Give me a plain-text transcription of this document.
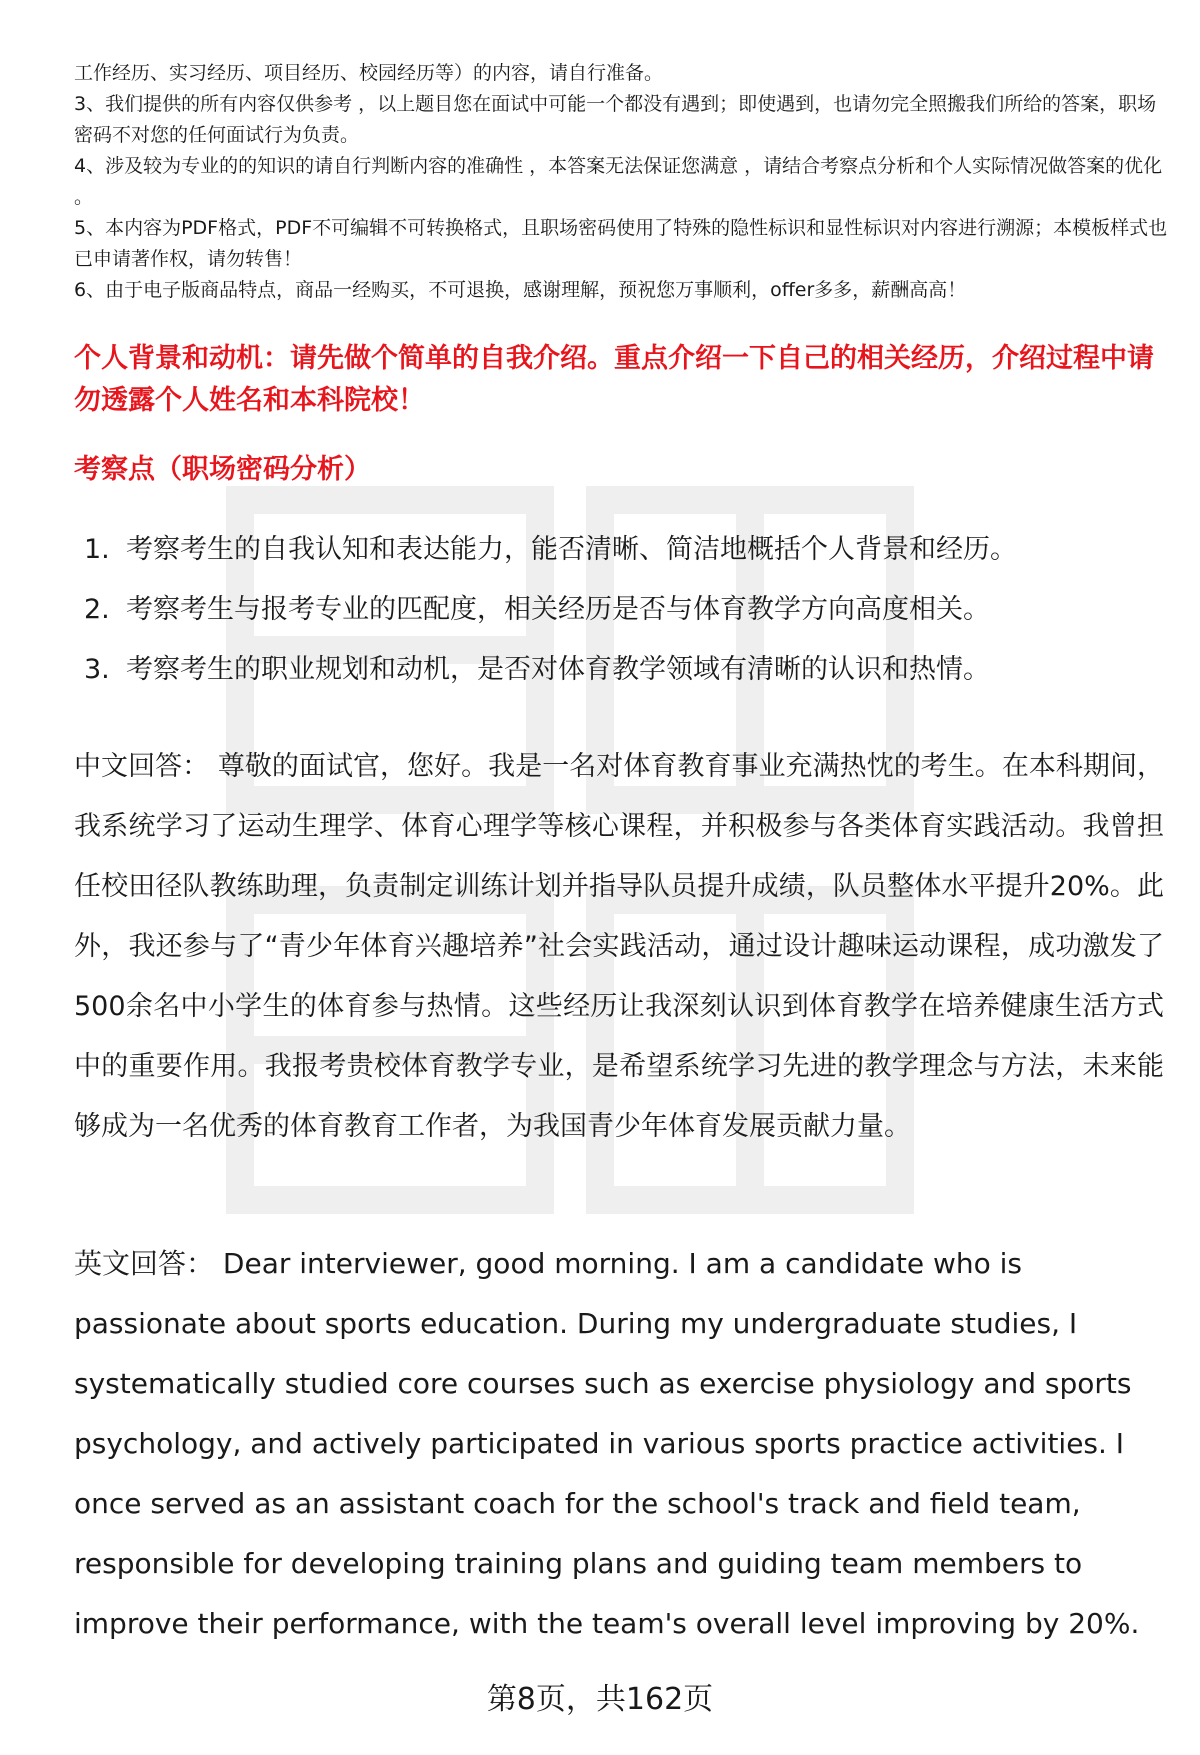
工作经历、实习经历、项目经历、校园经历等）的内容，请自行准备。

3、我们提供的所有内容仅供参考 ，以上题目您在面试中可能一个都没有遇到；即使遇到，也请勿完全照搬我们所给的答案，职场密码不对您的任何面试行为负责。

4、涉及较为专业的的知识的请自行判断内容的准确性 ，本答案无法保证您满意 ，请结合考察点分析和个人实际情况做答案的优化 。

5、本内容为PDF格式，PDF不可编辑不可转换格式，且职场密码使用了特殊的隐性标识和显性标识对内容进行溯源；本模板样式也已申请著作权，请勿转售！

6、由于电子版商品特点，商品一经购买，不可退换，感谢理解，预祝您万事顺利，offer多多，薪酬高高！

个人背景和动机：请先做个简单的自我介绍。重点介绍一下自己的相关经历，介绍过程中请勿透露个人姓名和本科院校！
考察点（职场密码分析）
1. 考察考生的自我认知和表达能力，能否清晰、简洁地概括个人背景和经历。
2. 考察考生与报考专业的匹配度，相关经历是否与体育教学方向高度相关。
3. 考察考生的职业规划和动机，是否对体育教学领域有清晰的认识和热情。
中文回答： 尊敬的面试官，您好。我是一名对体育教育事业充满热忱的考生。在本科期间，我系统学习了运动生理学、体育心理学等核心课程，并积极参与各类体育实践活动。我曾担任校田径队教练助理，负责制定训练计划并指导队员提升成绩，队员整体水平提升20%。此外，我还参与了“青少年体育兴趣培养”社会实践活动，通过设计趣味运动课程，成功激发了500余名中小学生的体育参与热情。这些经历让我深刻认识到体育教学在培养健康生活方式中的重要作用。我报考贵校体育教学专业，是希望系统学习先进的教学理念与方法，未来能够成为一名优秀的体育教育工作者，为我国青少年体育发展贡献力量。
英文回答： Dear interviewer, good morning. I am a candidate who is passionate about sports education. During my undergraduate studies, I systematically studied core courses such as exercise physiology and sports psychology, and actively participated in various sports practice activities. I once served as an assistant coach for the school's track and field team, responsible for developing training plans and guiding team members to improve their performance, with the team's overall level improving by 20%.
第8页，共162页
